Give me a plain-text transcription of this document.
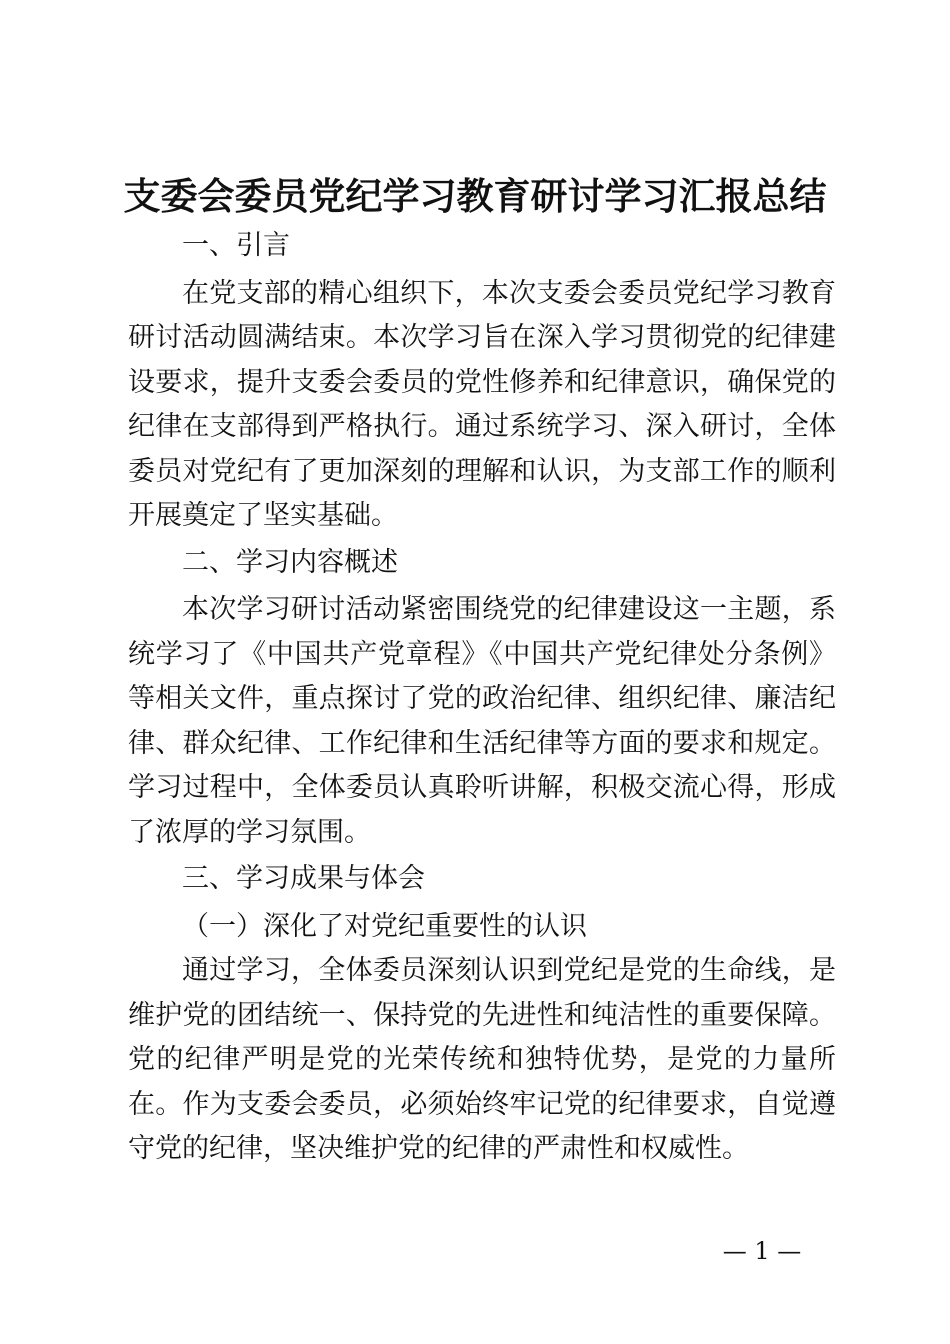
支委会委员党纪学习教育研讨学习汇报总结

一、引言

在党支部的精心组织下，本次支委会委员党纪学习教育研讨活动圆满结束。本次学习旨在深入学习贯彻党的纪律建设要求，提升支委会委员的党性修养和纪律意识，确保党的纪律在支部得到严格执行。通过系统学习、深入研讨，全体委员对党纪有了更加深刻的理解和认识，为支部工作的顺利开展奠定了坚实基础。

二、学习内容概述

本次学习研讨活动紧密围绕党的纪律建设这一主题，系统学习了《中国共产党章程》《中国共产党纪律处分条例》等相关文件，重点探讨了党的政治纪律、组织纪律、廉洁纪律、群众纪律、工作纪律和生活纪律等方面的要求和规定。学习过程中，全体委员认真聆听讲解，积极交流心得，形成了浓厚的学习氛围。

三、学习成果与体会

（一）深化了对党纪重要性的认识

通过学习，全体委员深刻认识到党纪是党的生命线，是维护党的团结统一、保持党的先进性和纯洁性的重要保障。党的纪律严明是党的光荣传统和独特优势，是党的力量所在。作为支委会委员，必须始终牢记党的纪律要求，自觉遵守党的纪律，坚决维护党的纪律的严肃性和权威性。

— 1 —
